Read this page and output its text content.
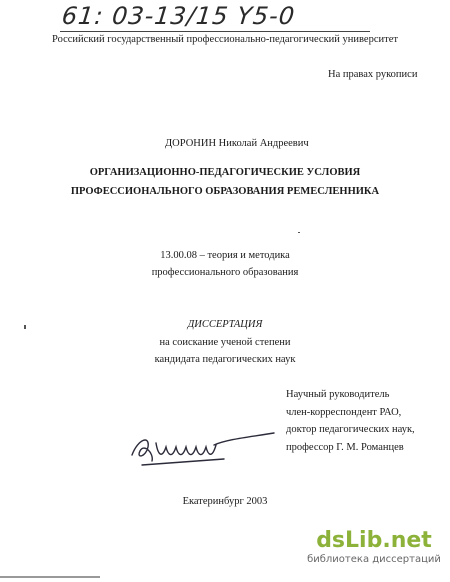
61: 03-13/15 Y5-0
Российский государственный профессионально-педагогический университет
На правах рукописи
ДОРОНИН Николай Андреевич
ОРГАНИЗАЦИОННО-ПЕДАГОГИЧЕСКИЕ УСЛОВИЯ
ПРОФЕССИОНАЛЬНОГО ОБРАЗОВАНИЯ РЕМЕСЛЕННИКА
13.00.08 – теория и методика
профессионального образования
ДИССЕРТАЦИЯ
на соискание ученой степени
кандидата педагогических наук
Научный руководитель
член-корреспондент РАО,
доктор педагогических наук,
профессор Г. М. Романцев
Екатеринбург 2003
dsLib.net
библиотека диссертаций
